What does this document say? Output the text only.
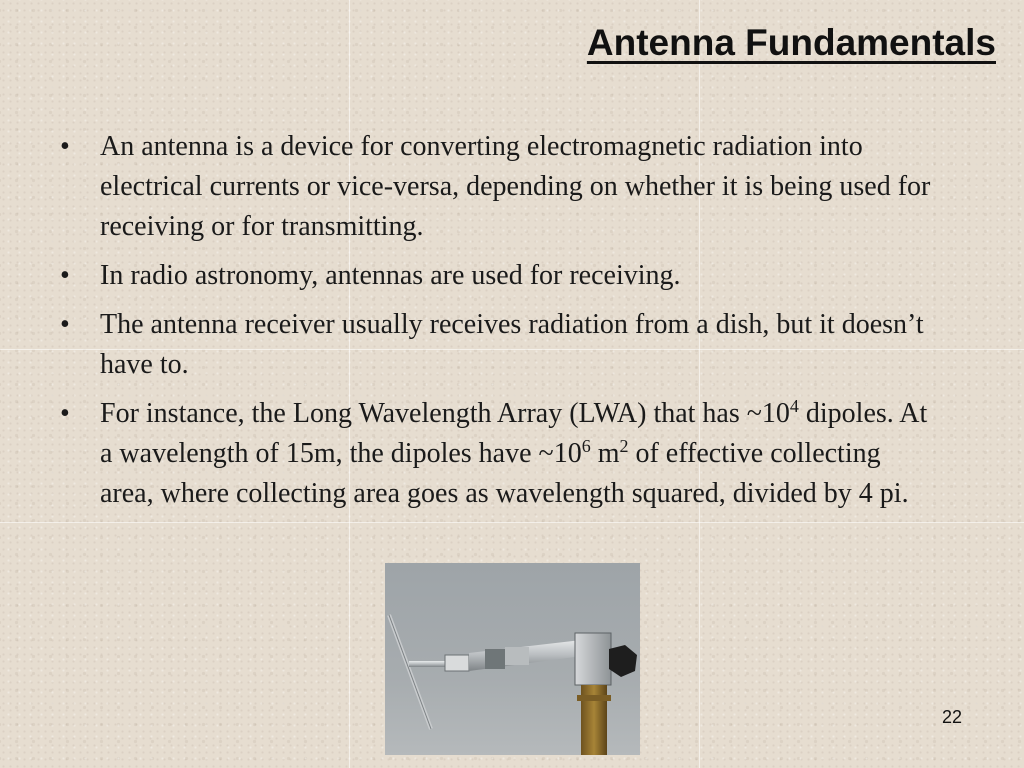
Antenna Fundamentals
• An antenna is a device for converting electromagnetic radiation into electrical currents or vice-versa, depending on whether it is being used for receiving or for transmitting.
• In radio astronomy, antennas are used for receiving.
• The antenna receiver usually receives radiation from a dish, but it doesn’t have to.
• For instance, the Long Wavelength Array (LWA) that has $\sim 10^4$ dipoles. At a wavelength of 15m, the dipoles have $\sim 10^6$ $m^2$ of effective collecting area, where collecting area goes as wavelength squared, divided by 4 pi.
22
